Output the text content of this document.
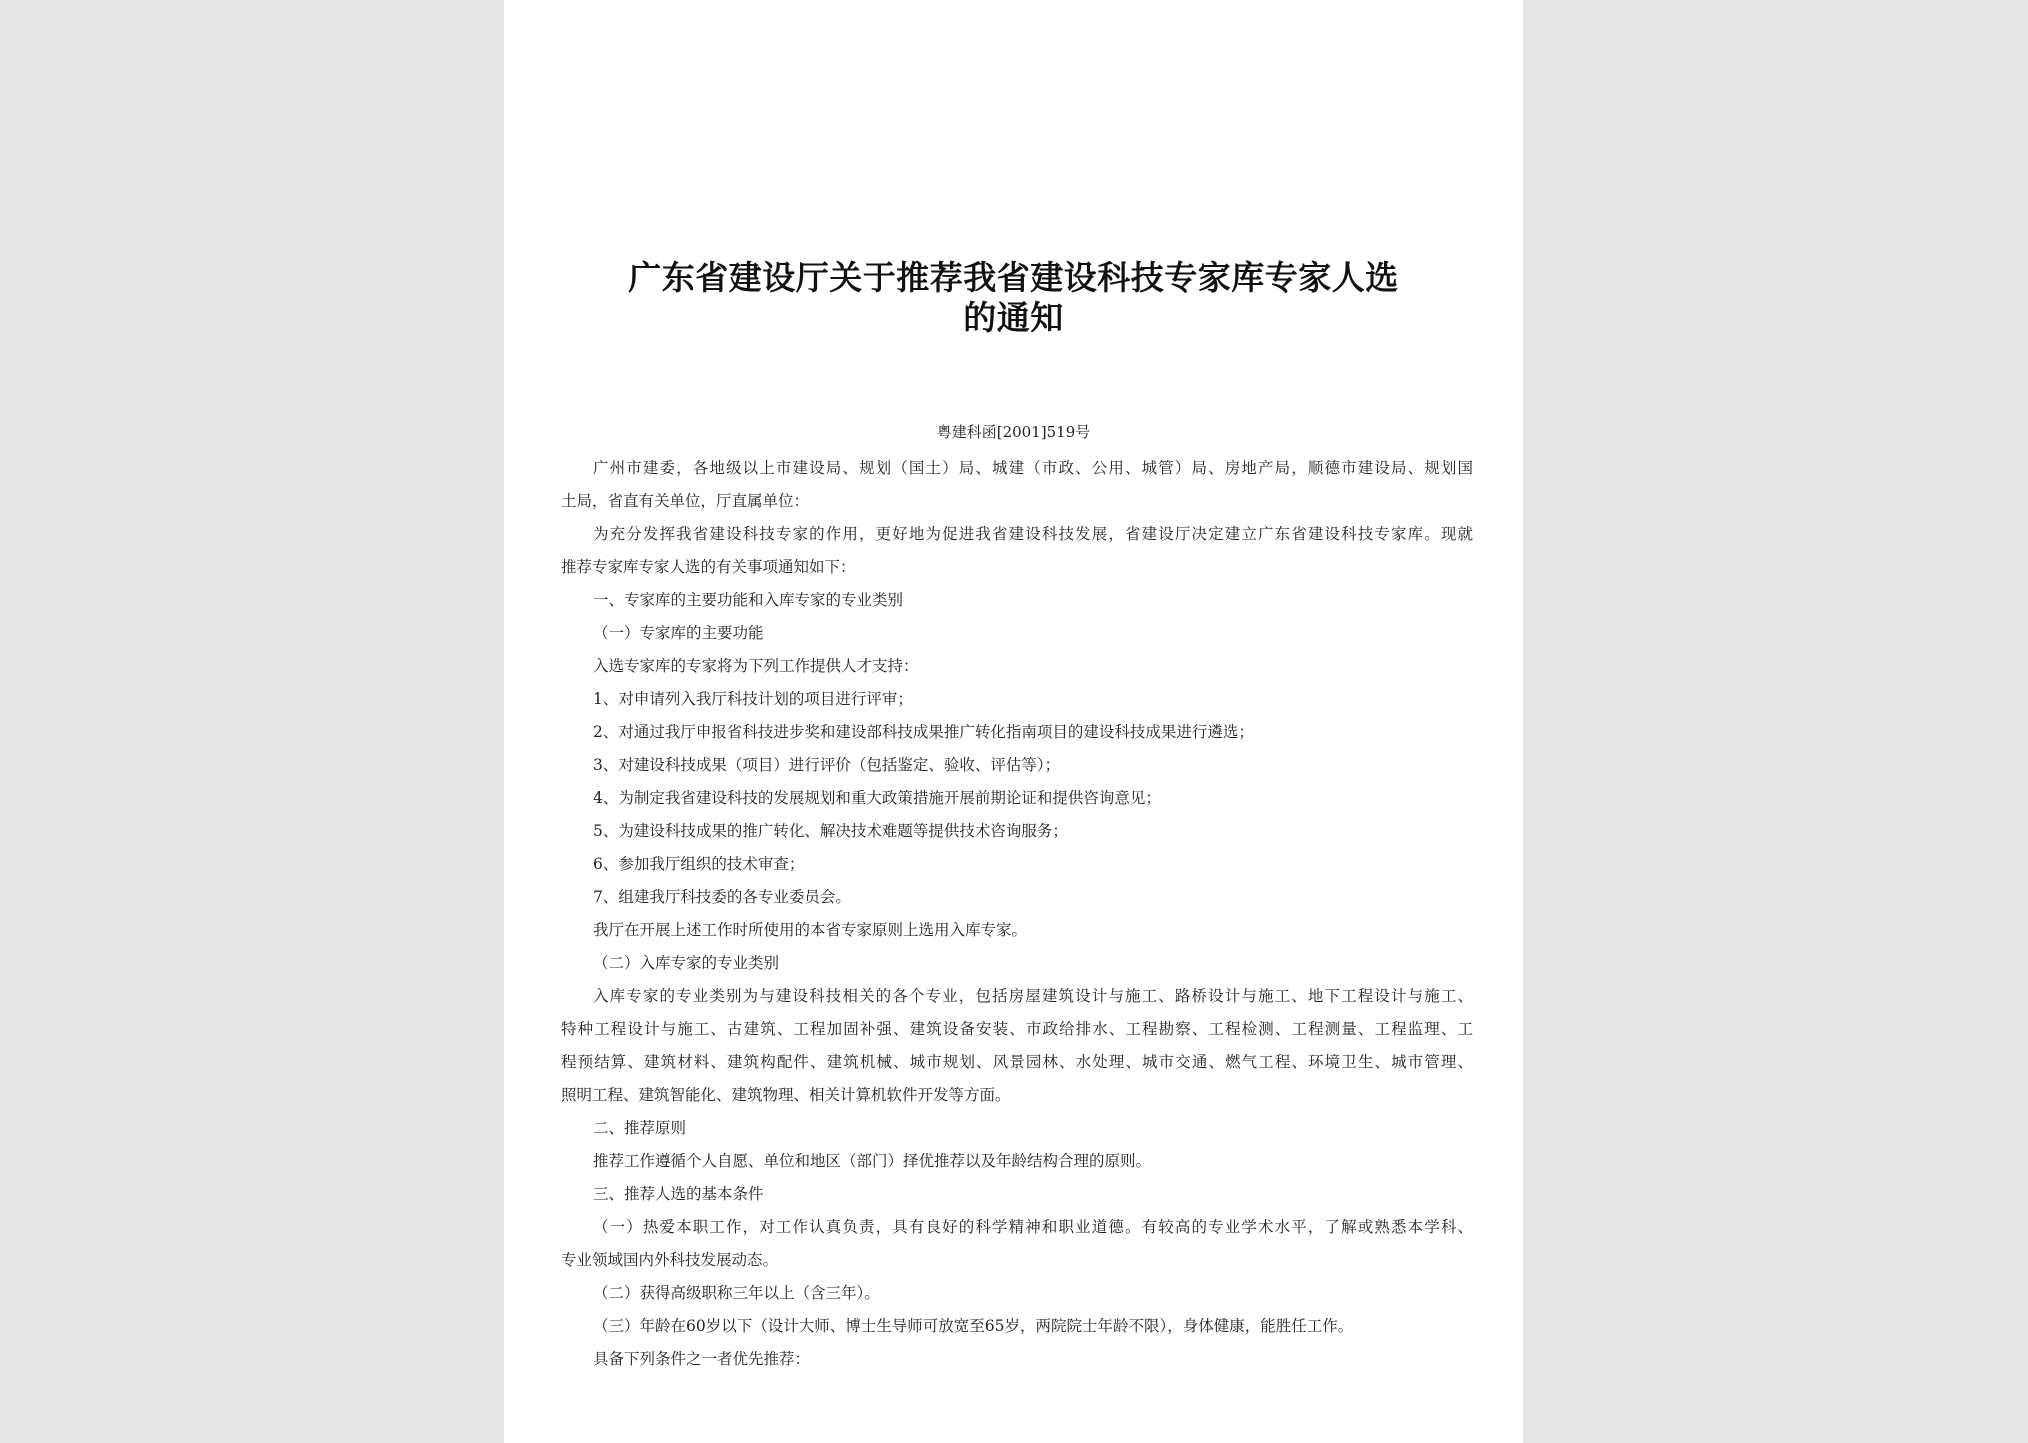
广东省建设厅关于推荐我省建设科技专家库专家人选
的通知
粤建科函[2001]519号
广州市建委，各地级以上市建设局、规划（国土）局、城建（市政、公用、城管）局、房地产局，顺德市建设局、规划国
土局，省直有关单位，厅直属单位：
为充分发挥我省建设科技专家的作用，更好地为促进我省建设科技发展，省建设厅决定建立广东省建设科技专家库。现就
推荐专家库专家人选的有关事项通知如下：
一、专家库的主要功能和入库专家的专业类别
（一）专家库的主要功能
入选专家库的专家将为下列工作提供人才支持：
1、对申请列入我厅科技计划的项目进行评审；
2、对通过我厅申报省科技进步奖和建设部科技成果推广转化指南项目的建设科技成果进行遴选；
3、对建设科技成果（项目）进行评价（包括鉴定、验收、评估等）；
4、为制定我省建设科技的发展规划和重大政策措施开展前期论证和提供咨询意见；
5、为建设科技成果的推广转化、解决技术难题等提供技术咨询服务；
6、参加我厅组织的技术审查；
7、组建我厅科技委的各专业委员会。
我厅在开展上述工作时所使用的本省专家原则上选用入库专家。
（二）入库专家的专业类别
入库专家的专业类别为与建设科技相关的各个专业，包括房屋建筑设计与施工、路桥设计与施工、地下工程设计与施工、
特种工程设计与施工、古建筑、工程加固补强、建筑设备安装、市政给排水、工程勘察、工程检测、工程测量、工程监理、工
程预结算、建筑材料、建筑构配件、建筑机械、城市规划、风景园林、水处理、城市交通、燃气工程、环境卫生、城市管理、
照明工程、建筑智能化、建筑物理、相关计算机软件开发等方面。
二、推荐原则
推荐工作遵循个人自愿、单位和地区（部门）择优推荐以及年龄结构合理的原则。
三、推荐人选的基本条件
（一）热爱本职工作，对工作认真负责，具有良好的科学精神和职业道德。有较高的专业学术水平，了解或熟悉本学科、
专业领域国内外科技发展动态。
（二）获得高级职称三年以上（含三年）。
（三）年龄在60岁以下（设计大师、博士生导师可放宽至65岁，两院院士年龄不限），身体健康，能胜任工作。
具备下列条件之一者优先推荐：
